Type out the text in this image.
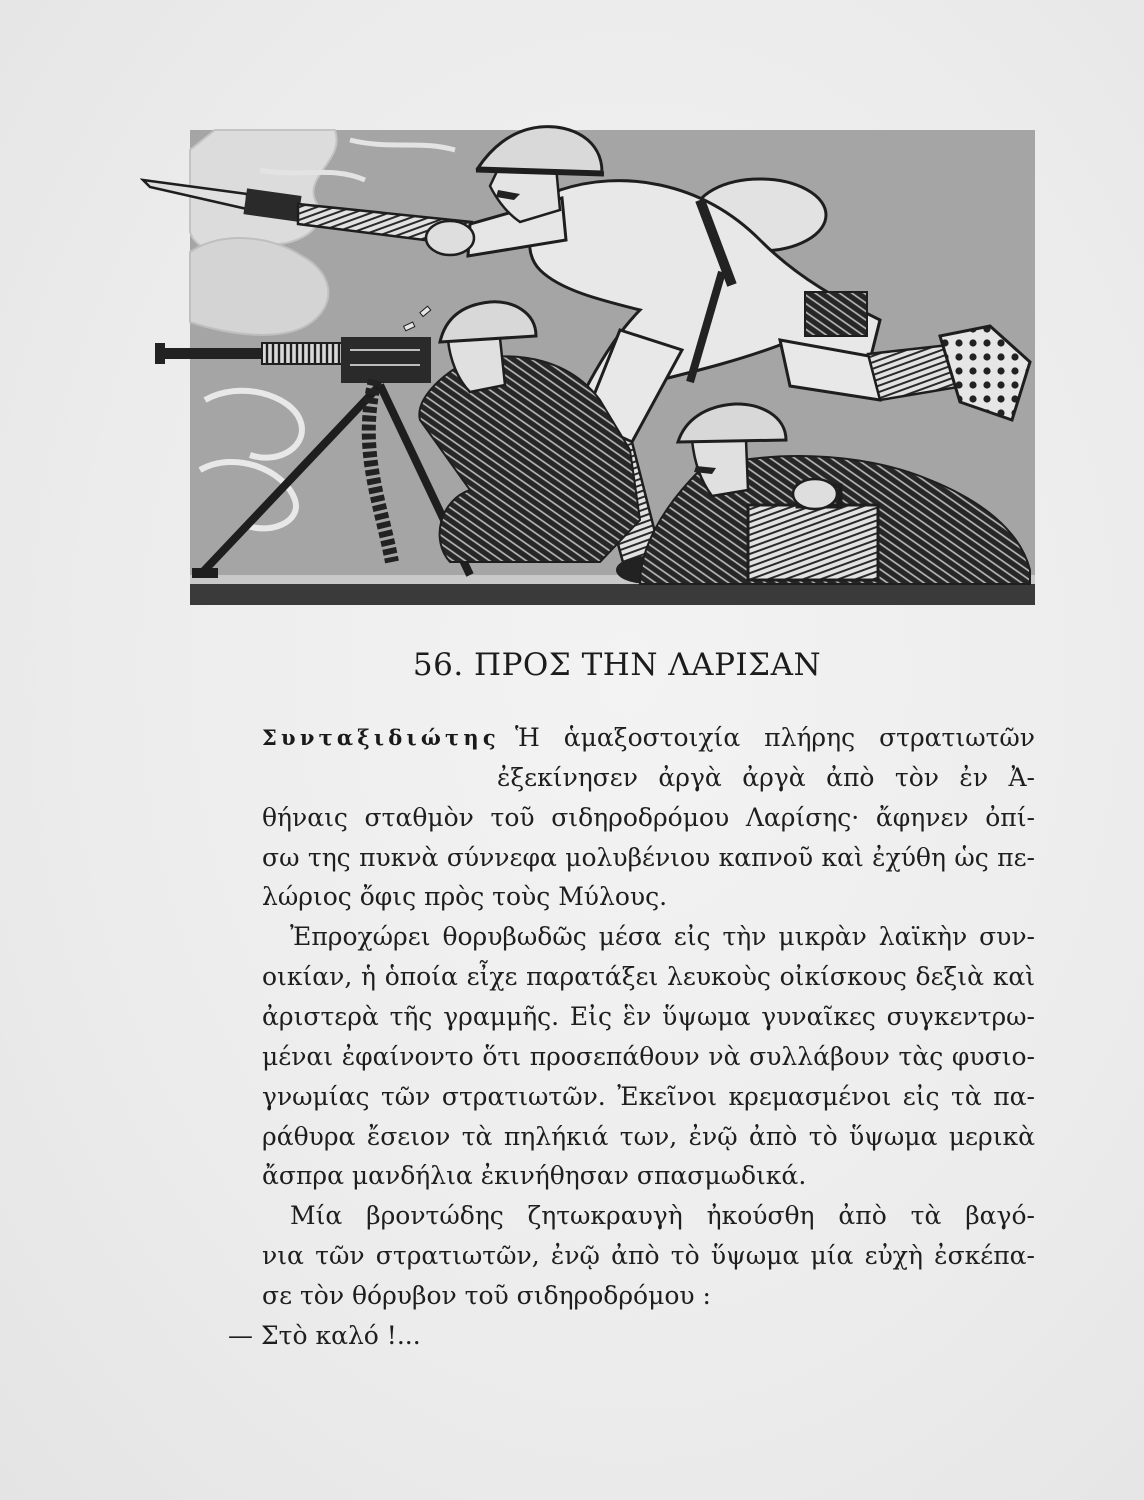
56. ΠΡΟΣ ΤΗΝ ΛΑΡΙΣΑΝ
Συνταξιδιώτης Ἡ ἁμαξοστοιχία πλήρης στρατιωτῶν
ἐξεκίνησεν ἀργὰ ἀργὰ ἀπὸ τὸν ἐν Ἀ-
θήναις σταθμὸν τοῦ σιδηροδρόμου Λαρίσης· ἄφηνεν ὀπί-
σω της πυκνὰ σύννεφα μολυβένιου καπνοῦ καὶ ἐχύθη ὡς πε-
λώριος ὄφις πρὸς τοὺς Μύλους.
Ἐπροχώρει θορυβωδῶς μέσα εἰς τὴν μικρὰν λαϊκὴν συν-
οικίαν, ἡ ὁποία εἶχε παρατάξει λευκοὺς οἰκίσκους δεξιὰ καὶ
ἀριστερὰ τῆς γραμμῆς. Εἰς ἓν ὕψωμα γυναῖκες συγκεντρω-
μέναι ἐφαίνοντο ὅτι προσεπάθουν νὰ συλλάβουν τὰς φυσιο-
γνωμίας τῶν στρατιωτῶν. Ἐκεῖνοι κρεμασμένοι εἰς τὰ πα-
ράθυρα ἔσειον τὰ πηλήκιά των, ἐνῷ ἀπὸ τὸ ὕψωμα μερικὰ
ἄσπρα μανδήλια ἐκινήθησαν σπασμωδικά.
Μία βροντώδης ζητωκραυγὴ ἠκούσθη ἀπὸ τὰ βαγό-
νια τῶν στρατιωτῶν, ἐνῷ ἀπὸ τὸ ὕψωμα μία εὐχὴ ἐσκέπα-
σε τὸν θόρυβον τοῦ σιδηροδρόμου :
— Στὸ καλό !...
